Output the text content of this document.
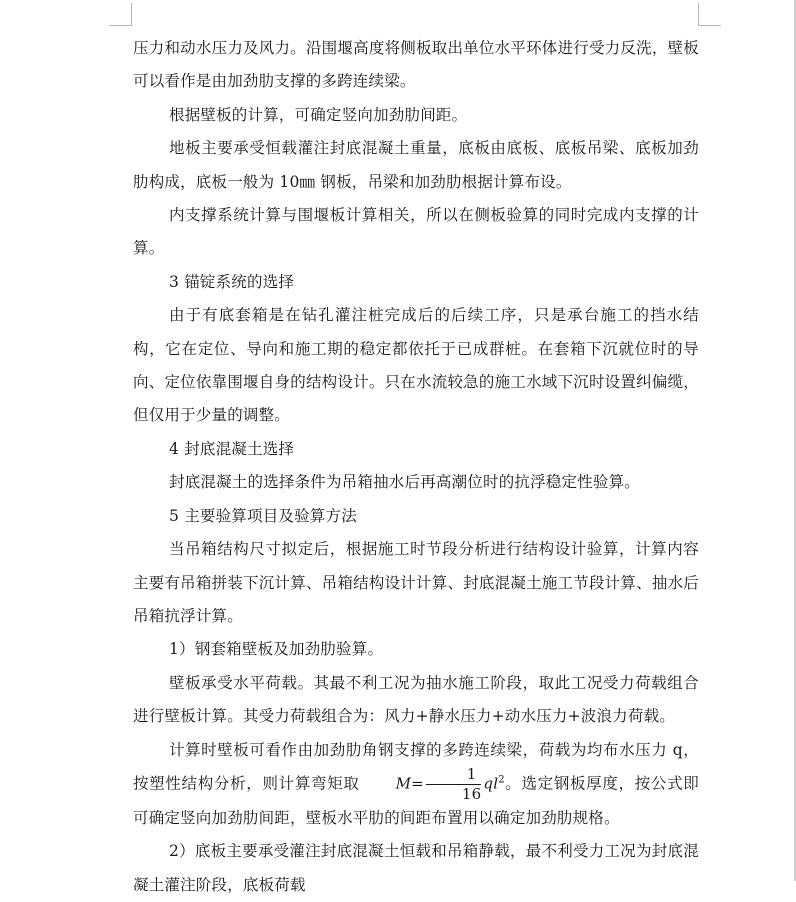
压力和动水压力及风力。沿围堰高度将侧板取出单位水平环体进行受力反洗，壁板可以看作是由加劲肋支撑的多跨连续梁。

根据壁板的计算，可确定竖向加劲肋间距。

地板主要承受恒载灌注封底混凝土重量，底板由底板、底板吊梁、底板加劲肋构成，底板一般为 10㎜ 钢板，吊梁和加劲肋根据计算布设。

内支撑系统计算与围堰板计算相关，所以在侧板验算的同时完成内支撑的计算。

3 锚锭系统的选择

由于有底套箱是在钻孔灌注桩完成后的后续工序，只是承台施工的挡水结构，它在定位、导向和施工期的稳定都依托于已成群桩。在套箱下沉就位时的导向、定位依靠围堰自身的结构设计。只在水流较急的施工水域下沉时设置纠偏缆，但仅用于少量的调整。

4 封底混凝土选择

封底混凝土的选择条件为吊箱抽水后再高潮位时的抗浮稳定性验算。

5 主要验算项目及验算方法

当吊箱结构尺寸拟定后，根据施工时节段分析进行结构设计验算，计算内容主要有吊箱拼装下沉计算、吊箱结构设计计算、封底混凝土施工节段计算、抽水后吊箱抗浮计算。

1）钢套箱壁板及加劲肋验算。

壁板承受水平荷载。其最不利工况为抽水施工阶段，取此工况受力荷载组合进行壁板计算。其受力荷载组合为：风力+静水压力+动水压力+波浪力荷载。

计算时壁板可看作由加劲肋角钢支撑的多跨连续梁，荷载为均布水压力 q，按塑性结构分析，则计算弯矩取 $M= \frac{1}{16} ql^2$。选定钢板厚度，按公式即可确定竖向加劲肋间距，壁板水平肋的间距布置用以确定加劲肋规格。

2）底板主要承受灌注封底混凝土恒载和吊箱静载，最不利受力工况为封底混凝土灌注阶段，底板荷载
